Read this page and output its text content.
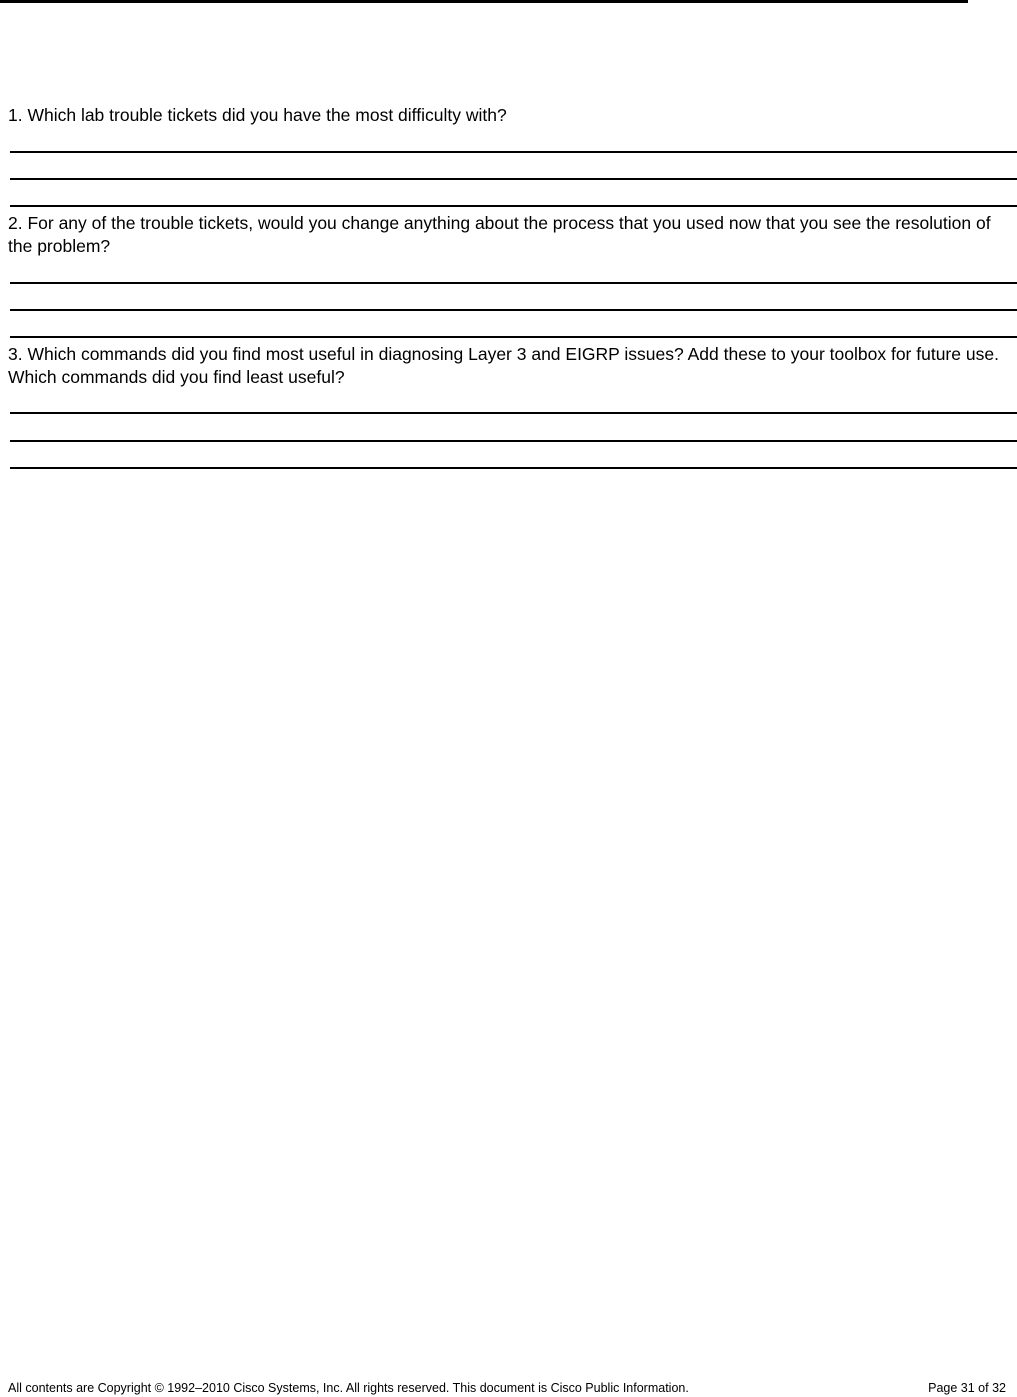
1. Which lab trouble tickets did you have the most difficulty with?
2. For any of the trouble tickets, would you change anything about the process that you used now that you see the resolution of the problem?
3. Which commands did you find most useful in diagnosing Layer 3 and EIGRP issues? Add these to your toolbox for future use. Which commands did you find least useful?
All contents are Copyright © 1992–2010 Cisco Systems, Inc. All rights reserved. This document is Cisco Public Information.	Page 31 of 32
